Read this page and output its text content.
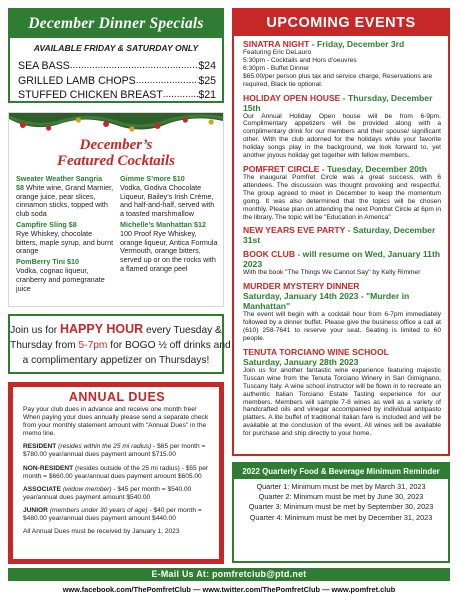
December Dinner Specials
AVAILABLE FRIDAY & SATURDAY ONLY
SEA BASS .....	$24
GRILLED LAMB CHOPS .....	$25
STUFFED CHICKEN BREAST .....	$21
December’s
Featured Cocktails
Sweater Weather Sangria
$8 White wine, Grand Marnier, orange juice, pear slices, cinnamon sticks, topped with club soda
Campfire Sling $8
Rye Whiskey, chocolate bitters, maple syrup, and burnt orange
PomBerry Tini $10
Vodka, cognac liqueur, cranberry and pomegranate juice
Gimme S’more $10
Vodka, Godiva Chocolate Liqueur, Bailey’s Irish Crème, and half-and-half, served with a toasted marshmallow
Michelle’s Manhattan $12
100 Proof Rye Whiskey, orange liqueur, Antica Formula Vermouth, orange bitters, served up or on the rocks with a flamed orange peel
Join us for HAPPY HOUR every Tuesday &
Thursday from 5-7pm for BOGO ½ off drinks and
a complimentary appetizer on Thursdays!
ANNUAL DUES

Pay your club dues in advance and receive one month free! When paying your dues annually please send a separate check from your monthly statement amount with "Annual Dues" in the memo line.

RESIDENT (resides within the 25 mi radius) - $65 per month = $780.00 year/annual dues payment amount $715.00

NON-RESIDENT (resides outside of the 25 mi radius) - $55 per month = $660.00 year/annual dues payment amount $605.00

ASSOCIATE (widow member) - $45 per month = $540.00 year/annual dues payment amount $540.00

JUNIOR (members under 30 years of age) - $40 per month = $480.00 year/annual dues payment amount $440.00

All Annual Dues must be received by January 1, 2023

UPCOMING EVENTS
SINATRA NIGHT - Friday, December 3rd
Featuring Eric DeLauro
5:30pm - Cocktails and Hors d’oeuvres
6:30pm - Buffet Dinner
$65.00/per person plus tax and service charge, Reservations are required, Black tie optional.
HOLIDAY OPEN HOUSE - Thursday, December 15th
Our Annual Holiday Open house will be from 6-9pm. Complimentary appetizers will be provided along with a complimentary drink for our members and their spouse/ significant other. With the club adorned for the holidays while your favorite holiday songs play in the background, we look forward to, yet another joyous holiday get together with fellow members.
POMFRET CIRCLE - Tuesday, December 20th
The inaugural Pomfret Circle was a great success, with 6 attendees. The discussion was thought provoking and respectful. The group agreed to meet in December to keep the momentum going. It was also determined that the topics will be chosen monthly. Please plan on attending the next Pomfret Circle at 6pm in the library. The topic will be "Education in America"
NEW YEARS EVE PARTY - Saturday, December 31st
BOOK CLUB - will resume on Wed, January 11th 2023
With the book "The Things We Cannot Say" by Kelly Rimmer
MURDER MYSTERY DINNER
Saturday, January 14th 2023 - "Murder in Manhattan"
The event will begin with a cocktail hour from 6-7pm immediately followed by a dinner buffet. Please give the business office a call at (610) 258-7641 to reserve your seat. Seating is limited to 60 people.
TENUTA TORCIANO WINE SCHOOL
Saturday, January 28th 2023
Join us for another fantastic wine experience featuring majestic Tuscan wine from the Tenuta Torciano Winery in San Gimignano, Tuscany Italy. A wine school instructor will be flown in to recreate an authentic Italian Torciano Estate Tasting experience for our members. Members will sample 7-8 wines as well as a variety of handcrafted oils and vinegar accompanied by individual antipasto platters. A lite buffet of traditional Italian fare is included and will be available at the conclusion of the event. All wines will be available for purchase and ship directly to your home.
2022 Quarterly Food & Beverage Minimum Reminder
Quarter 1: Minimum must be met by March 31, 2023
Quarter 2: Minimum must be met by June 30, 2023
Quarter 3: Minimum must be met by September 30, 2023
Quarter 4: Minimum must be met by December 31, 2023
E-Mail Us At: pomfretclub@ptd.net
www.facebook.com/ThePomfretClub — www.twitter.com/ThePomfretClub — www.pomfret.club
